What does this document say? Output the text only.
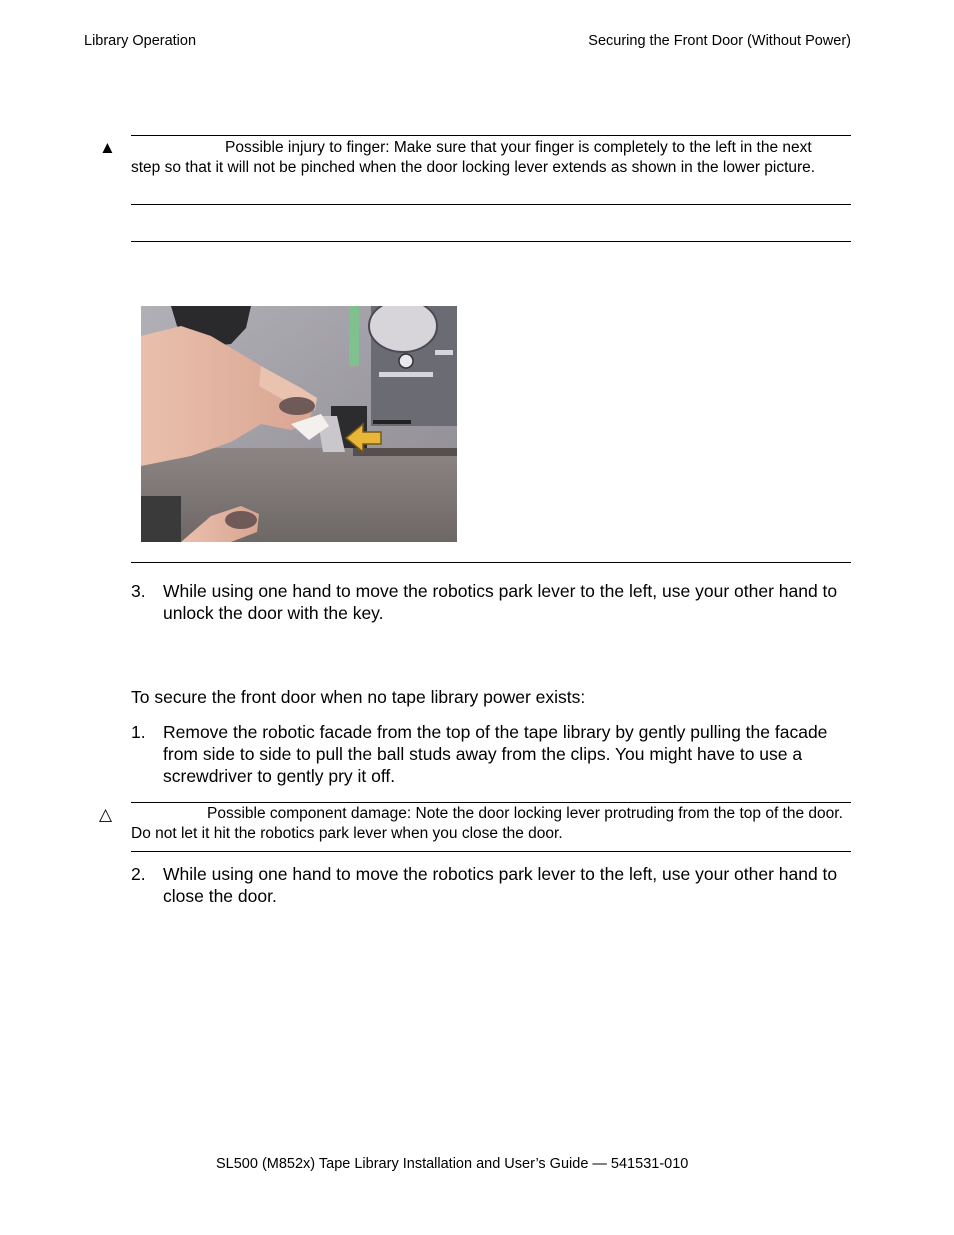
Library Operation	Securing the Front Door (Without Power)
▲	Possible injury to finger: Make sure that your finger is completely to the left in the next step so that it will not be pinched when the door locking lever extends as shown in the lower picture.
3. While using one hand to move the robotics park lever to the left, use your other hand to unlock the door with the key.
To secure the front door when no tape library power exists:
1. Remove the robotic facade from the top of the tape library by gently pulling the facade from side to side to pull the ball studs away from the clips. You might have to use a screwdriver to gently pry it off.
△	Possible component damage: Note the door locking lever protruding from the top of the door. Do not let it hit the robotics park lever when you close the door.
2. While using one hand to move the robotics park lever to the left, use your other hand to close the door.
SL500 (M852x) Tape Library Installation and User’s Guide — 541531-010
